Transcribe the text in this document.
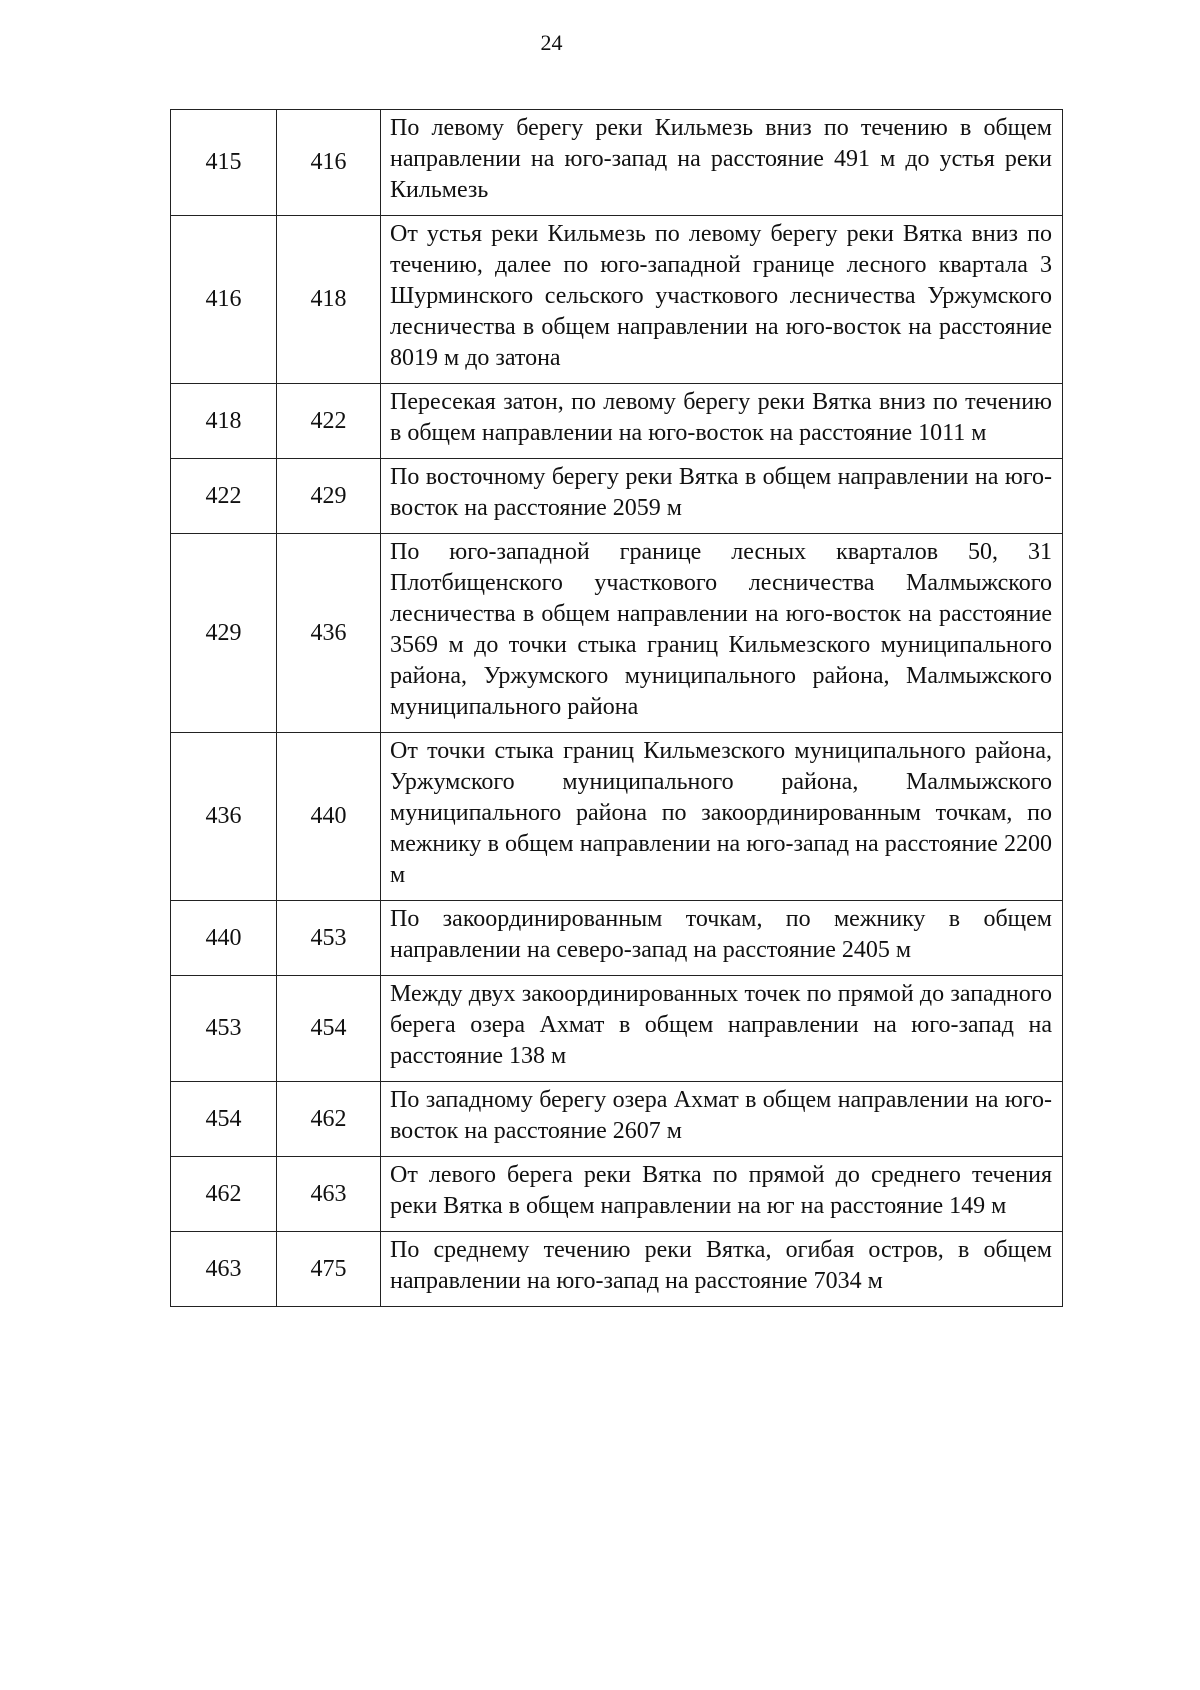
24
415	416	По левому берегу реки Кильмезь вниз по течению в общем направлении на юго-запад на расстояние 491 м до устья реки Кильмезь
416	418	От устья реки Кильмезь по левому берегу реки Вятка вниз по течению, далее по юго-западной границе лесного квартала 3 Шурминского сельского участкового лесничества Уржумского лесничества в общем направлении на юго-восток на расстояние 8019 м до затона
418	422	Пересекая затон, по левому берегу реки Вятка вниз по течению в общем направлении на юго-восток на расстояние 1011 м
422	429	По восточному берегу реки Вятка в общем направлении на юго-восток на расстояние 2059 м
429	436	По юго-западной границе лесных кварталов 50, 31 Плотбищенского участкового лесничества Малмыжского лесничества в общем направлении на юго-восток на расстояние 3569 м до точки стыка границ Кильмезского муниципального района, Уржумского муниципального района, Малмыжского муниципального района
436	440	От точки стыка границ Кильмезского муниципального района, Уржумского муниципального района, Малмыжского муниципального района по закоординированным точкам, по межнику в общем направлении на юго-запад на расстояние 2200 м
440	453	По закоординированным точкам, по межнику в общем направлении на северо-запад на расстояние 2405 м
453	454	Между двух закоординированных точек по прямой до западного берега озера Ахмат в общем направлении на юго-запад на расстояние 138 м
454	462	По западному берегу озера Ахмат в общем направлении на юго-восток на расстояние 2607 м
462	463	От левого берега реки Вятка по прямой до среднего течения реки Вятка в общем направлении на юг на расстояние 149 м
463	475	По среднему течению реки Вятка, огибая остров, в общем направлении на юго-запад на расстояние 7034 м
